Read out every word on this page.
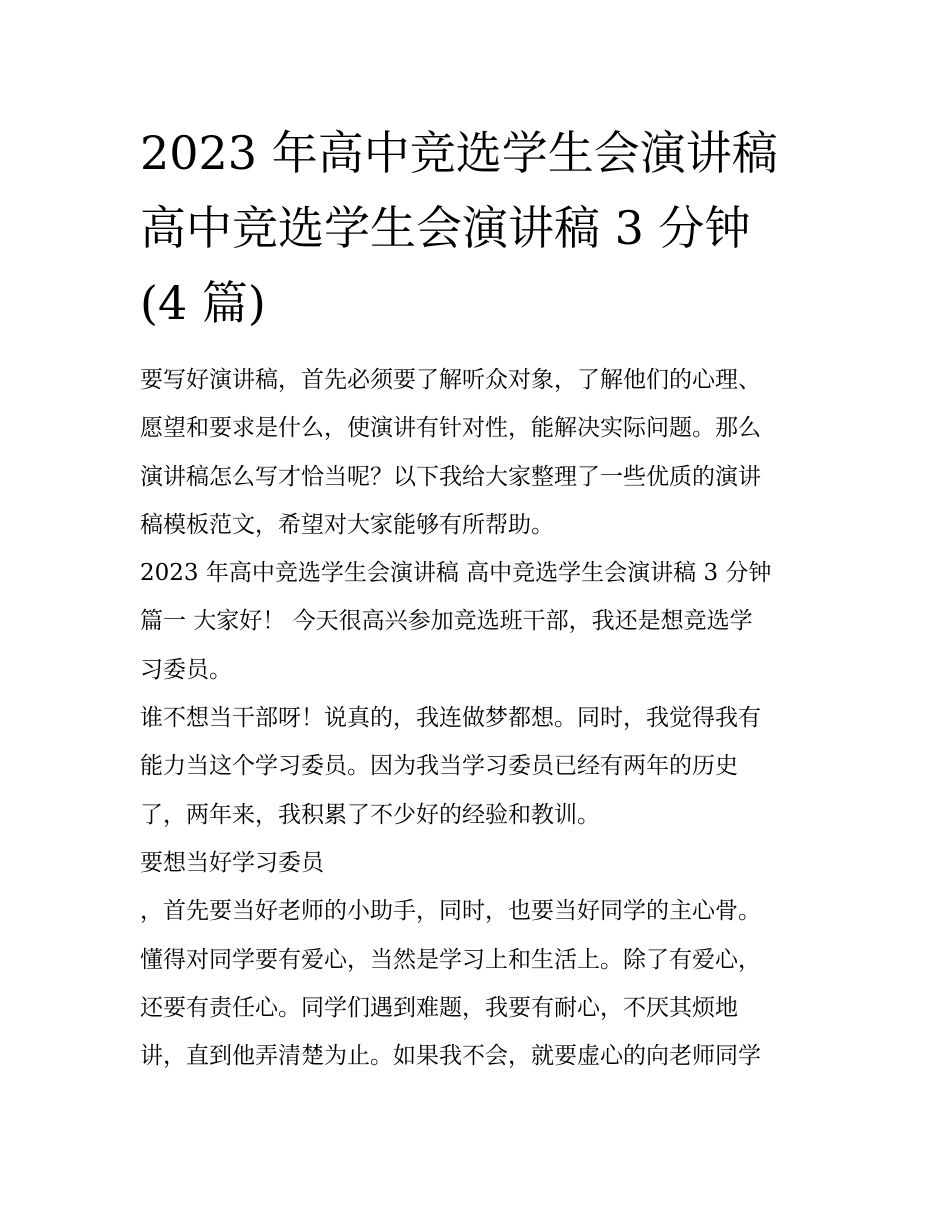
2023 年高中竞选学生会演讲稿
高中竞选学生会演讲稿 3 分钟
(4 篇)
要写好演讲稿，首先必须要了解听众对象，了解他们的心理、
愿望和要求是什么，使演讲有针对性，能解决实际问题。那么
演讲稿怎么写才恰当呢？以下我给大家整理了一些优质的演讲
稿模板范文，希望对大家能够有所帮助。
2023 年高中竞选学生会演讲稿 高中竞选学生会演讲稿 3 分钟
篇一 大家好！ 今天很高兴参加竞选班干部，我还是想竞选学
习委员。
谁不想当干部呀！说真的，我连做梦都想。同时，我觉得我有
能力当这个学习委员。因为我当学习委员已经有两年的历史
了，两年来，我积累了不少好的经验和教训。
要想当好学习委员
，首先要当好老师的小助手，同时，也要当好同学的主心骨。
懂得对同学要有爱心，当然是学习上和生活上。除了有爱心，
还要有责任心。同学们遇到难题，我要有耐心，不厌其烦地
讲，直到他弄清楚为止。如果我不会，就要虚心的向老师同学
